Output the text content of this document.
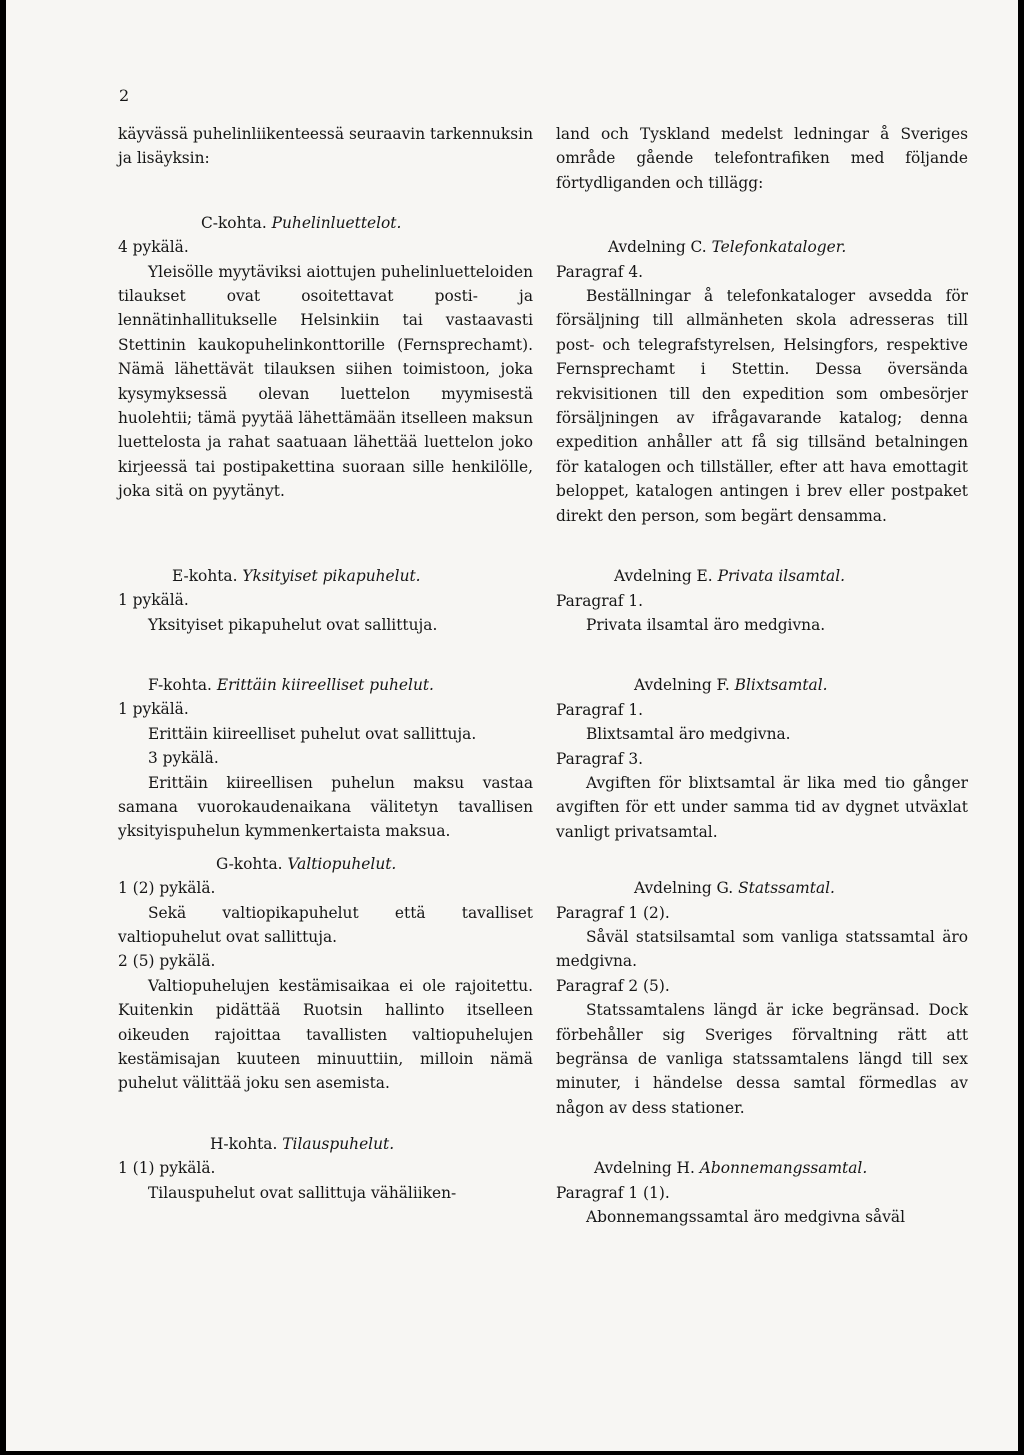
2

käyvässä puhelinliikenteessä seuraavin tarkennuksin ja lisäyksin:

C-kohta. Puhelinluettelot.

4 pykälä.

Yleisölle myytäviksi aiottujen puhelinluetteloiden tilaukset ovat osoitettavat posti- ja lennätinhallitukselle Helsinkiin tai vastaavasti Stettinin kaukopuhelinkonttorille (Fernsprechamt). Nämä lähettävät tilauksen siihen toimistoon, joka kysymyksessä olevan luettelon myymisestä huolehtii; tämä pyytää lähettämään itselleen maksun luettelosta ja rahat saatuaan lähettää luettelon joko kirjeessä tai postipakettina suoraan sille henkilölle, joka sitä on pyytänyt.

E-kohta. Yksityiset pikapuhelut.

1 pykälä.

Yksityiset pikapuhelut ovat sallittuja.

F-kohta. Erittäin kiireelliset puhelut.

1 pykälä.

Erittäin kiireelliset puhelut ovat sallittuja.

3 pykälä.

Erittäin kiireellisen puhelun maksu vastaa samana vuorokaudenaikana välitetyn tavallisen yksityispuhelun kymmenkertaista maksua.

G-kohta. Valtiopuhelut.

1 (2) pykälä.

Sekä valtiopikapuhelut että tavalliset valtiopuhelut ovat sallittuja.

2 (5) pykälä.

Valtiopuhelujen kestämisaikaa ei ole rajoitettu. Kuitenkin pidättää Ruotsin hallinto itselleen oikeuden rajoittaa tavallisten valtiopuhelujen kestämisajan kuuteen minuuttiin, milloin nämä puhelut välittää joku sen asemista.

H-kohta. Tilauspuhelut.

1 (1) pykälä.

Tilauspuhelut ovat sallittuja vähäliiken-

land och Tyskland medelst ledningar å Sveriges område gående telefontrafiken med följande förtydliganden och tillägg:

Avdelning C. Telefonkataloger.

Paragraf 4.

Beställningar å telefonkataloger avsedda för försäljning till allmänheten skola adresseras till post- och telegrafstyrelsen, Helsingfors, respektive Fernsprechamt i Stettin. Dessa översända rekvisitionen till den expedition som ombesörjer försäljningen av ifrågavarande katalog; denna expedition anhåller att få sig tillsänd betalningen för katalogen och tillställer, efter att hava emottagit beloppet, katalogen antingen i brev eller postpaket direkt den person, som begärt densamma.

Avdelning E. Privata ilsamtal.

Paragraf 1.

Privata ilsamtal äro medgivna.

Avdelning F. Blixtsamtal.

Paragraf 1.

Blixtsamtal äro medgivna.

Paragraf 3.

Avgiften för blixtsamtal är lika med tio gånger avgiften för ett under samma tid av dygnet utväxlat vanligt privatsamtal.

Avdelning G. Statssamtal.

Paragraf 1 (2).

Såväl statsilsamtal som vanliga statssamtal äro medgivna.

Paragraf 2 (5).

Statssamtalens längd är icke begränsad. Dock förbehåller sig Sveriges förvaltning rätt att begränsa de vanliga statssamtalens längd till sex minuter, i händelse dessa samtal förmedlas av någon av dess stationer.

Avdelning H. Abonnemangssamtal.

Paragraf 1 (1).

Abonnemangssamtal äro medgivna såväl
